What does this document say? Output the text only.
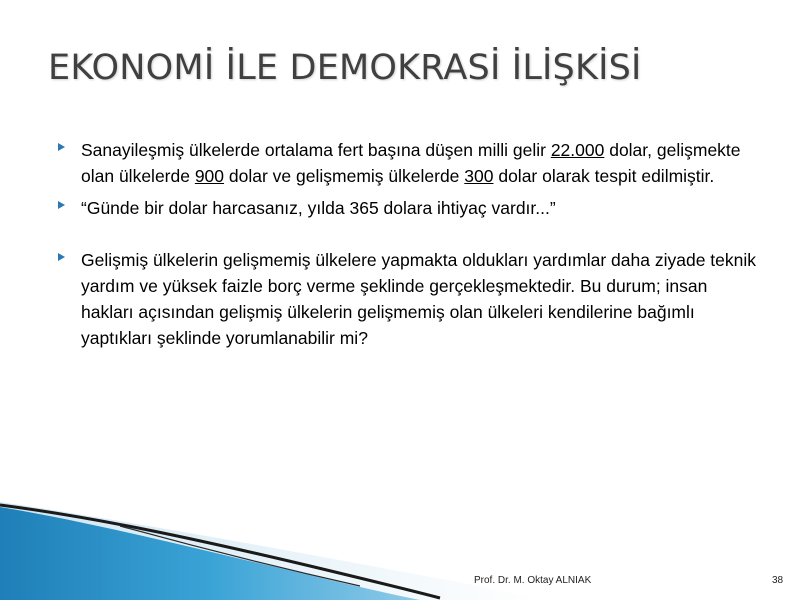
EKONOMİ İLE DEMOKRASİ İLİŞKİSİ
Sanayileşmiş ülkelerde ortalama fert başına düşen milli gelir 22.000 dolar, gelişmekte olan ülkelerde 900 dolar ve gelişmemiş ülkelerde 300 dolar olarak tespit edilmiştir.
“Günde bir dolar harcasanız, yılda 365 dolara ihtiyaç vardır...”
Gelişmiş ülkelerin gelişmemiş ülkelere yapmakta oldukları yardımlar daha ziyade teknik yardım ve yüksek faizle borç verme şeklinde gerçekleşmektedir. Bu durum; insan hakları açısından gelişmiş ülkelerin gelişmemiş olan ülkeleri kendilerine bağımlı yaptıkları şeklinde yorumlanabilir mi?
Prof. Dr. M. Oktay ALNIAK	38
